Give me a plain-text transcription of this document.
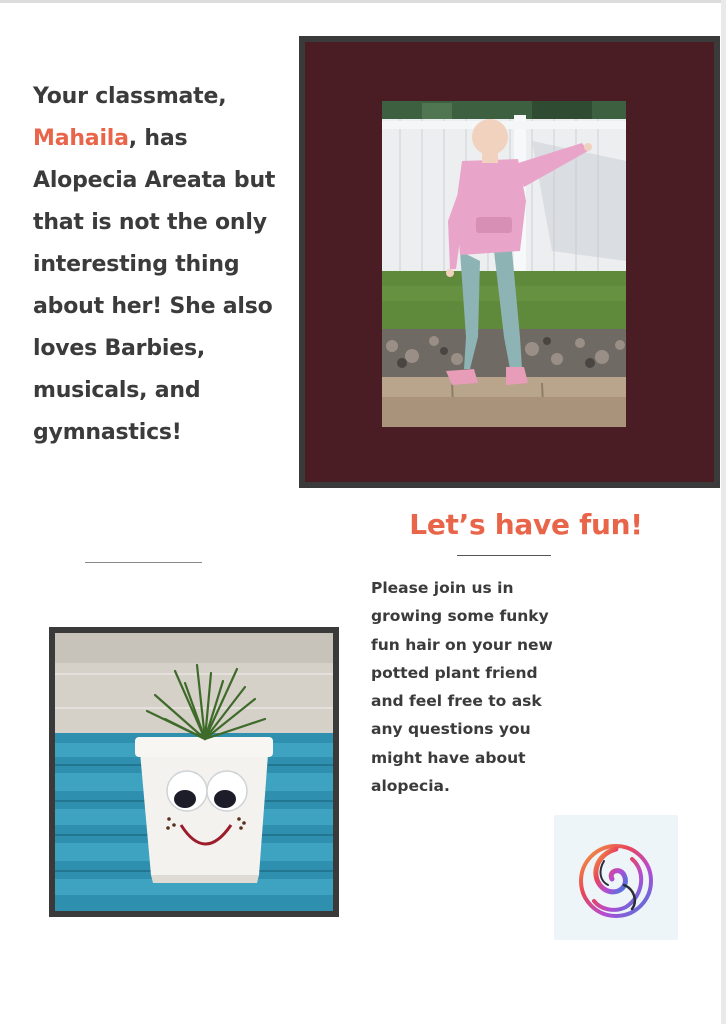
Your classmate,
Mahaila, has Alopecia Areata but that is not the only interesting thing about her! She also loves Barbies, musicals, and gymnastics!
Let’s have fun!
Please join us in growing some funky fun hair on your new potted plant friend and feel free to ask any questions you might have about alopecia.
